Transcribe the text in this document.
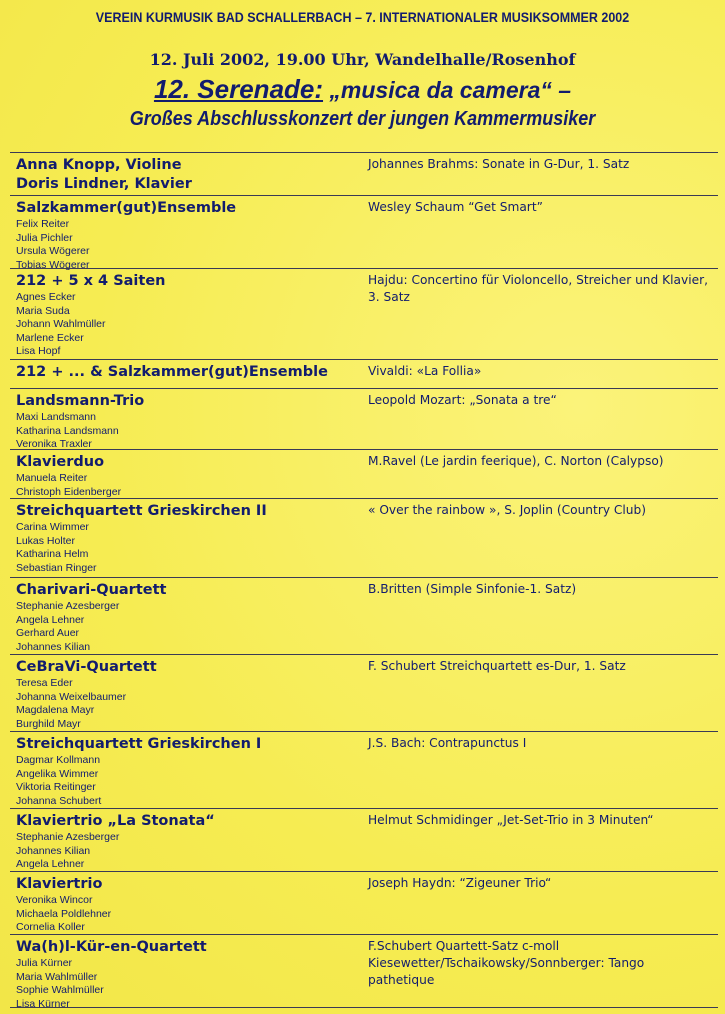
VEREIN KURMUSIK BAD SCHALLERBACH – 7. INTERNATIONALER MUSIKSOMMER 2002
12. Juli 2002, 19.00 Uhr, Wandelhalle/Rosenhof
12. Serenade: „musica da camera“ –
Großes Abschlusskonzert der jungen Kammermusiker
Anna Knopp, Violine
Doris Lindner, Klavier
Johannes Brahms: Sonate in G-Dur, 1. Satz
Salzkammer(gut)Ensemble
Felix Reiter
Julia Pichler
Ursula Wögerer
Tobias Wögerer
Wesley Schaum “Get Smart”
212 + 5 x 4 Saiten
Agnes Ecker
Maria Suda
Johann Wahlmüller
Marlene Ecker
Lisa Hopf
Hajdu: Concertino für Violoncello, Streicher und Klavier, 3. Satz
212 + ... & Salzkammer(gut)Ensemble	Vivaldi: «La Follia»
Landsmann-Trio
Maxi Landsmann
Katharina Landsmann
Veronika Traxler
Leopold Mozart: „Sonata a tre“
Klavierduo
Manuela Reiter
Christoph Eidenberger
M.Ravel (Le jardin feerique), C. Norton (Calypso)
Streichquartett Grieskirchen II
Carina Wimmer
Lukas Holter
Katharina Helm
Sebastian Ringer
« Over the rainbow », S. Joplin (Country Club)
Charivari-Quartett
Stephanie Azesberger
Angela Lehner
Gerhard Auer
Johannes Kilian
B.Britten (Simple Sinfonie-1. Satz)
CeBraVi-Quartett
Teresa Eder
Johanna Weixelbaumer
Magdalena Mayr
Burghild Mayr
F. Schubert Streichquartett es-Dur, 1. Satz
Streichquartett Grieskirchen I
Dagmar Kollmann
Angelika Wimmer
Viktoria Reitinger
Johanna Schubert
J.S. Bach: Contrapunctus I
Klaviertrio „La Stonata“
Stephanie Azesberger
Johannes Kilian
Angela Lehner
Helmut Schmidinger „Jet-Set-Trio in 3 Minuten“
Klaviertrio
Veronika Wincor
Michaela Poldlehner
Cornelia Koller
Joseph Haydn: “Zigeuner Trio“
Wa(h)l-Kür-en-Quartett
Julia Kürner
Maria Wahlmüller
Sophie Wahlmüller
Lisa Kürner
F.Schubert Quartett-Satz c-moll Kiesewetter/Tschaikowsky/Sonnberger: Tango pathetique
